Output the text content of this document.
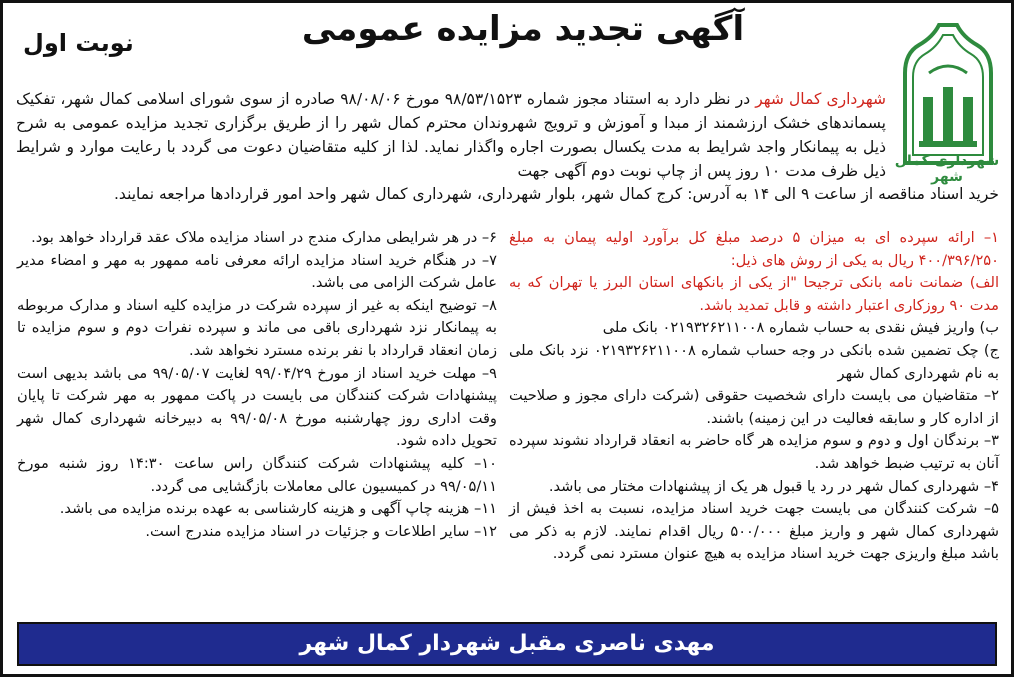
آگهی تجدید مزایده عمومی
نوبت اول
شهرداری کمال شهر

شهرداری کمال شهر در نظر دارد به استناد مجوز شماره ۹۸/۵۳/۱۵۲۳ مورخ ۹۸/۰۸/۰۶ صادره از سوی شورای اسلامی کمال شهر، تفکیک پسماندهای خشک ارزشمند از مبدا و آموزش و ترویج شهروندان محترم کمال شهر را از طریق برگزاری تجدید مزایده عمومی به شرح ذیل به پیمانکار واجد شرایط به مدت یکسال بصورت اجاره واگذار نماید. لذا از کلیه متقاضیان دعوت می گردد با رعایت موارد و شرایط ذیل ظرف مدت ۱۰ روز پس از چاپ نوبت دوم آگهی جهت

خرید اسناد مناقصه از ساعت ۹ الی ۱۴ به آدرس: کرج کمال شهر، بلوار شهرداری، شهرداری کمال شهر واحد امور قراردادها مراجعه نمایند.

۱– ارائه سپرده ای به میزان ۵ درصد مبلغ کل برآورد اولیه پیمان به مبلغ ۴۰۰/۳۹۶/۲۵۰ ریال به یکی از روش های ذیل:

الف) ضمانت نامه بانکی ترجیحا "از یکی از بانکهای استان البرز یا تهران که به مدت ۹۰ روزکاری اعتبار داشته و قابل تمدید باشد.

ب) واریز فیش نقدی به حساب شماره ۰۲۱۹۳۲۶۲۱۱۰۰۸ بانک ملی

ج) چک تضمین شده بانکی در وجه حساب شماره ۰۲۱۹۳۲۶۲۱۱۰۰۸ نزد بانک ملی به نام شهرداری کمال شهر

۲– متقاضیان می بایست دارای شخصیت حقوقی (شرکت دارای مجوز و صلاحیت از اداره کار و سابقه فعالیت در این زمینه) باشند.

۳– برندگان اول و دوم و سوم مزایده هر گاه حاضر به انعقاد قرارداد نشوند سپرده آنان به ترتیب ضبط خواهد شد.

۴– شهرداری کمال شهر در رد یا قبول هر یک از پیشنهادات مختار می باشد.

۵– شرکت کنندگان می بایست جهت خرید اسناد مزایده، نسبت به اخذ فیش از شهرداری کمال شهر و واریز مبلغ ۵۰۰/۰۰۰ ریال اقدام نمایند. لازم به ذکر می باشد مبلغ واریزی جهت خرید اسناد مزایده به هیچ عنوان مسترد نمی گردد.

۶– در هر شرایطی مدارک مندج در اسناد مزایده ملاک عقد قرارداد خواهد بود.

۷– در هنگام خرید اسناد مزایده ارائه معرفی نامه ممهور به مهر و امضاء مدیر عامل شرکت الزامی می باشد.

۸– توضیح اینکه به غیر از سپرده شرکت در مزایده کلیه اسناد و مدارک مربوطه به پیمانکار نزد شهرداری باقی می ماند و سپرده نفرات دوم و سوم مزایده تا زمان انعقاد قرارداد با نفر برنده مسترد نخواهد شد.

۹– مهلت خرید اسناد از مورخ ۹۹/۰۴/۲۹ لغایت ۹۹/۰۵/۰۷ می باشد بدیهی است پیشنهادات شرکت کنندگان می بایست در پاکت ممهور به مهر شرکت تا پایان وقت اداری روز چهارشنبه مورخ ۹۹/۰۵/۰۸ به دبیرخانه شهرداری کمال شهر تحویل داده شود.

۱۰– کلیه پیشنهادات شرکت کنندگان راس ساعت ۱۴:۳۰ روز شنبه مورخ ۹۹/۰۵/۱۱ در کمیسیون عالی معاملات بازگشایی می گردد.

۱۱– هزینه چاپ آگهی و هزینه کارشناسی به عهده برنده مزایده می باشد.

۱۲– سایر اطلاعات و جزئیات در اسناد مزایده مندرج است.

مهدی ناصری مقبل شهردار کمال شهر
